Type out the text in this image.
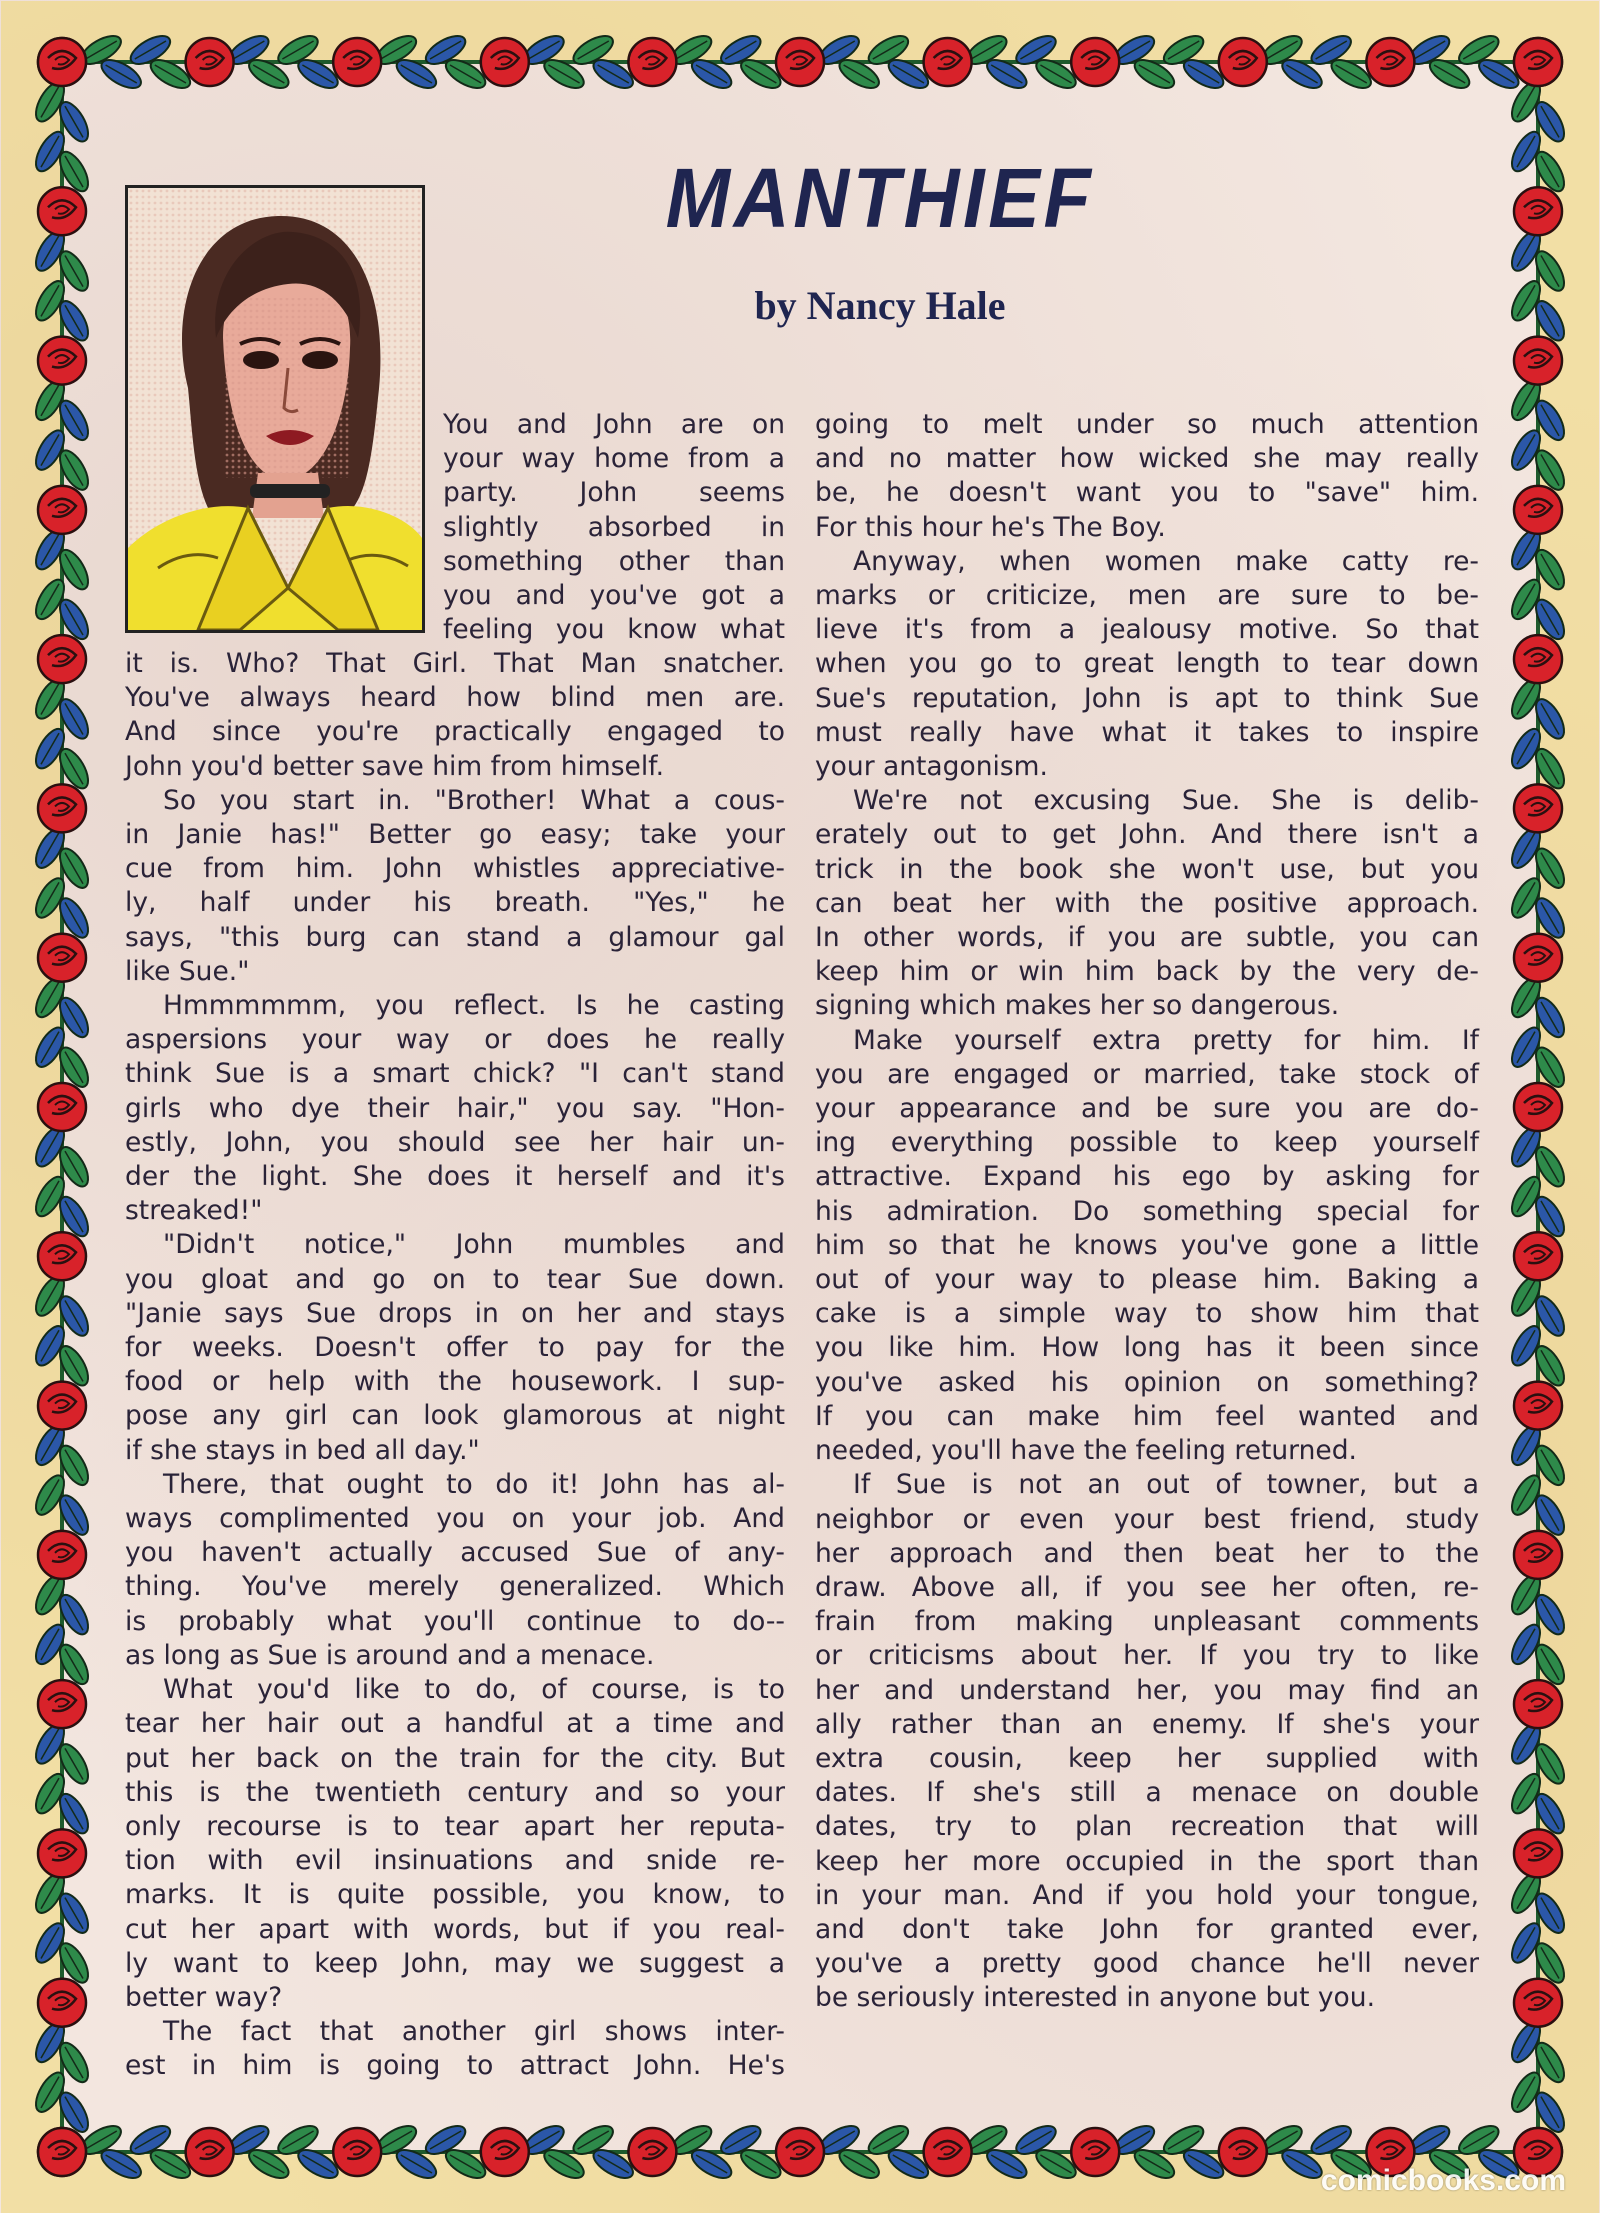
MANTHIEF

by Nancy Hale

You and John are on
your way home from a
party. John seems
slightly absorbed in
something other than
you and you've got a
feeling you know what
it is. Who? That Girl. That Man snatcher.
You've always heard how blind men are.
And since you're practically engaged to
John you'd better save him from himself.
So you start in. "Brother! What a cous-
in Janie has!" Better go easy; take your
cue from him. John whistles appreciative-
ly, half under his breath. "Yes," he
says, "this burg can stand a glamour gal
like Sue."
Hmmmmmm, you reflect. Is he casting
aspersions your way or does he really
think Sue is a smart chick? "I can't stand
girls who dye their hair," you say. "Hon-
estly, John, you should see her hair un-
der the light. She does it herself and it's
streaked!"
"Didn't notice," John mumbles and
you gloat and go on to tear Sue down.
"Janie says Sue drops in on her and stays
for weeks. Doesn't offer to pay for the
food or help with the housework. I sup-
pose any girl can look glamorous at night
if she stays in bed all day."
There, that ought to do it! John has al-
ways complimented you on your job. And
you haven't actually accused Sue of any-
thing. You've merely generalized. Which
is probably what you'll continue to do--
as long as Sue is around and a menace.
What you'd like to do, of course, is to
tear her hair out a handful at a time and
put her back on the train for the city. But
this is the twentieth century and so your
only recourse is to tear apart her reputa-
tion with evil insinuations and snide re-
marks. It is quite possible, you know, to
cut her apart with words, but if you real-
ly want to keep John, may we suggest a
better way?
The fact that another girl shows inter-
est in him is going to attract John. He's
going to melt under so much attention
and no matter how wicked she may really
be, he doesn't want you to "save" him.
For this hour he's The Boy.
Anyway, when women make catty re-
marks or criticize, men are sure to be-
lieve it's from a jealousy motive. So that
when you go to great length to tear down
Sue's reputation, John is apt to think Sue
must really have what it takes to inspire
your antagonism.
We're not excusing Sue. She is delib-
erately out to get John. And there isn't a
trick in the book she won't use, but you
can beat her with the positive approach.
In other words, if you are subtle, you can
keep him or win him back by the very de-
signing which makes her so dangerous.
Make yourself extra pretty for him. If
you are engaged or married, take stock of
your appearance and be sure you are do-
ing everything possible to keep yourself
attractive. Expand his ego by asking for
his admiration. Do something special for
him so that he knows you've gone a little
out of your way to please him. Baking a
cake is a simple way to show him that
you like him. How long has it been since
you've asked his opinion on something?
If you can make him feel wanted and
needed, you'll have the feeling returned.
If Sue is not an out of towner, but a
neighbor or even your best friend, study
her approach and then beat her to the
draw. Above all, if you see her often, re-
frain from making unpleasant comments
or criticisms about her. If you try to like
her and understand her, you may find an
ally rather than an enemy. If she's your
extra cousin, keep her supplied with
dates. If she's still a menace on double
dates, try to plan recreation that will
keep her more occupied in the sport than
in your man. And if you hold your tongue,
and don't take John for granted ever,
you've a pretty good chance he'll never
be seriously interested in anyone but you.

comicbooks.com
